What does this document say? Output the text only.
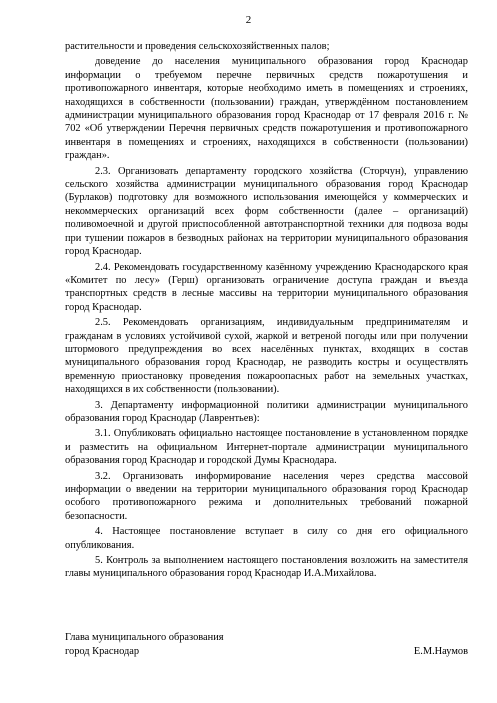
2

растительности и проведения сельскохозяйственных палов;

доведение до населения муниципального образования город Краснодар информации о требуемом перечне первичных средств пожаротушения и противопожарного инвентаря, которые необходимо иметь в помещениях и строениях, находящихся в собственности (пользовании) граждан, утверждённом постановлением администрации муниципального образования город Краснодар от 17 февраля 2016 г. № 702 «Об утверждении Перечня первичных средств пожаротушения и противопожарного инвентаря в помещениях и строениях, находящихся в собственности (пользовании) граждан».

2.3. Организовать департаменту городского хозяйства (Сторчун), управлению сельского хозяйства администрации муниципального образования город Краснодар (Бурлаков) подготовку для возможного использования имеющейся у коммерческих и некоммерческих организаций всех форм собственности (далее – организаций) поливомоечной и другой приспособленной автотранспортной техники для подвоза воды при тушении пожаров в безводных районах на территории муниципального образования город Краснодар.

2.4. Рекомендовать государственному казённому учреждению Краснодарского края «Комитет по лесу» (Герш) организовать ограничение доступа граждан и въезда транспортных средств в лесные массивы на территории муниципального образования город Краснодар.

2.5. Рекомендовать организациям, индивидуальным предпринимателям и гражданам в условиях устойчивой сухой, жаркой и ветреной погоды или при получении штормового предупреждения во всех населённых пунктах, входящих в состав муниципального образования город Краснодар, не разводить костры и осуществлять временную приостановку проведения пожароопасных работ на земельных участках, находящихся в их собственности (пользовании).

3. Департаменту информационной политики администрации муниципального образования город Краснодар (Лаврентьев):

3.1. Опубликовать официально настоящее постановление в установленном порядке и разместить на официальном Интернет-портале администрации муниципального образования город Краснодар и городской Думы Краснодара.

3.2. Организовать информирование населения через средства массовой информации о введении на территории муниципального образования город Краснодар особого противопожарного режима и дополнительных требований пожарной безопасности.

4. Настоящее постановление вступает в силу со дня его официального опубликования.

5. Контроль за выполнением настоящего постановления возложить на заместителя главы муниципального образования город Краснодар И.А.Михайлова.

Глава муниципального образования
город Краснодар	Е.М.Наумов
